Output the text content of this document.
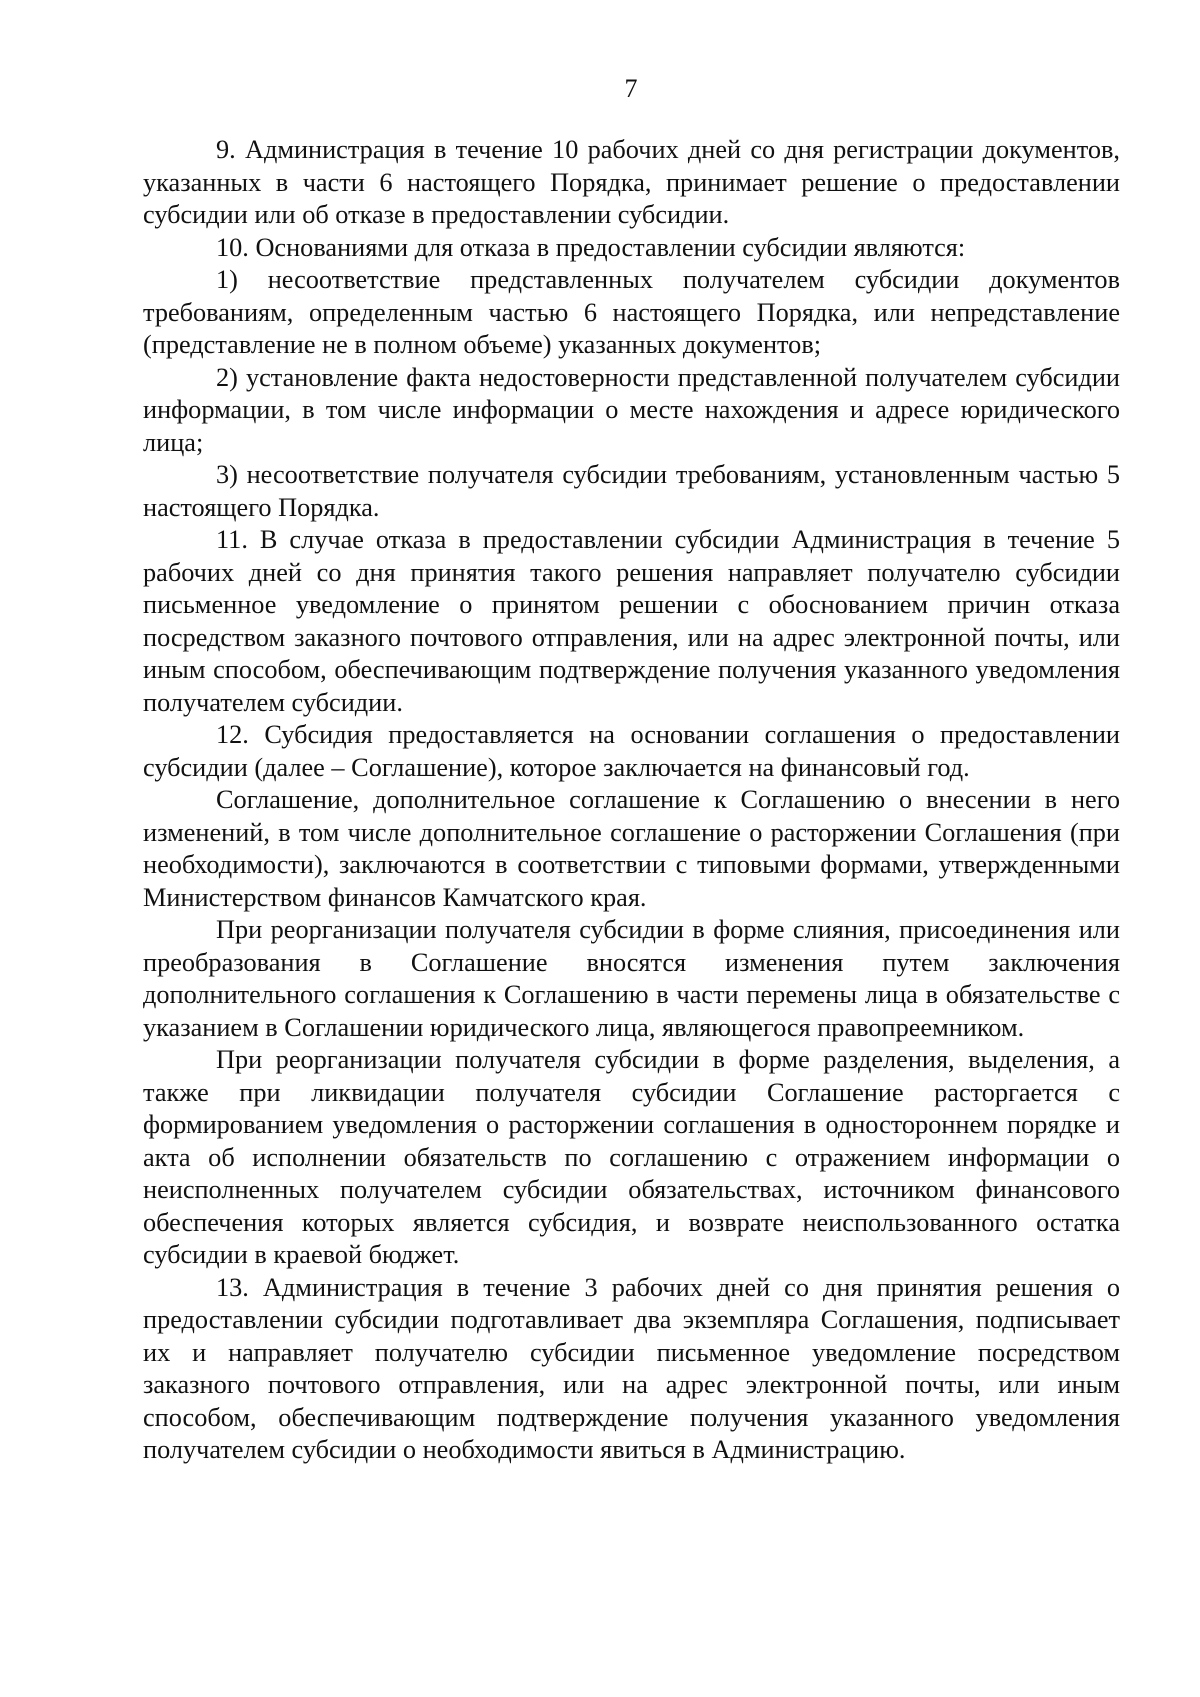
7

9. Администрация в течение 10 рабочих дней со дня регистрации документов, указанных в части 6 настоящего Порядка, принимает решение о предоставлении субсидии или об отказе в предоставлении субсидии.

10. Основаниями для отказа в предоставлении субсидии являются:

1) несоответствие представленных получателем субсидии документов требованиям, определенным частью 6 настоящего Порядка, или непредставление (представление не в полном объеме) указанных документов;

2) установление факта недостоверности представленной получателем субсидии информации, в том числе информации о месте нахождения и адресе юридического лица;

3) несоответствие получателя субсидии требованиям, установленным частью 5 настоящего Порядка.

11. В случае отказа в предоставлении субсидии Администрация в течение 5 рабочих дней со дня принятия такого решения направляет получателю субсидии письменное уведомление о принятом решении с обоснованием причин отказа посредством заказного почтового отправления, или на адрес электронной почты, или иным способом, обеспечивающим подтверждение получения указанного уведомления получателем субсидии.

12. Субсидия предоставляется на основании соглашения о предоставлении субсидии (далее – Соглашение), которое заключается на финансовый год.

Соглашение, дополнительное соглашение к Соглашению о внесении в него изменений, в том числе дополнительное соглашение о расторжении Соглашения (при необходимости), заключаются в соответствии с типовыми формами, утвержденными Министерством финансов Камчатского края.

При реорганизации получателя субсидии в форме слияния, присоединения или преобразования в Соглашение вносятся изменения путем заключения дополнительного соглашения к Соглашению в части перемены лица в обязательстве с указанием в Соглашении юридического лица, являющегося правопреемником.

При реорганизации получателя субсидии в форме разделения, выделения, а также при ликвидации получателя субсидии Соглашение расторгается с формированием уведомления о расторжении соглашения в одностороннем порядке и акта об исполнении обязательств по соглашению с отражением информации о неисполненных получателем субсидии обязательствах, источником финансового обеспечения которых является субсидия, и возврате неиспользованного остатка субсидии в краевой бюджет.

13. Администрация в течение 3 рабочих дней со дня принятия решения о предоставлении субсидии подготавливает два экземпляра Соглашения, подписывает их и направляет получателю субсидии письменное уведомление посредством заказного почтового отправления, или на адрес электронной почты, или иным способом, обеспечивающим подтверждение получения указанного уведомления получателем субсидии о необходимости явиться в Администрацию.
